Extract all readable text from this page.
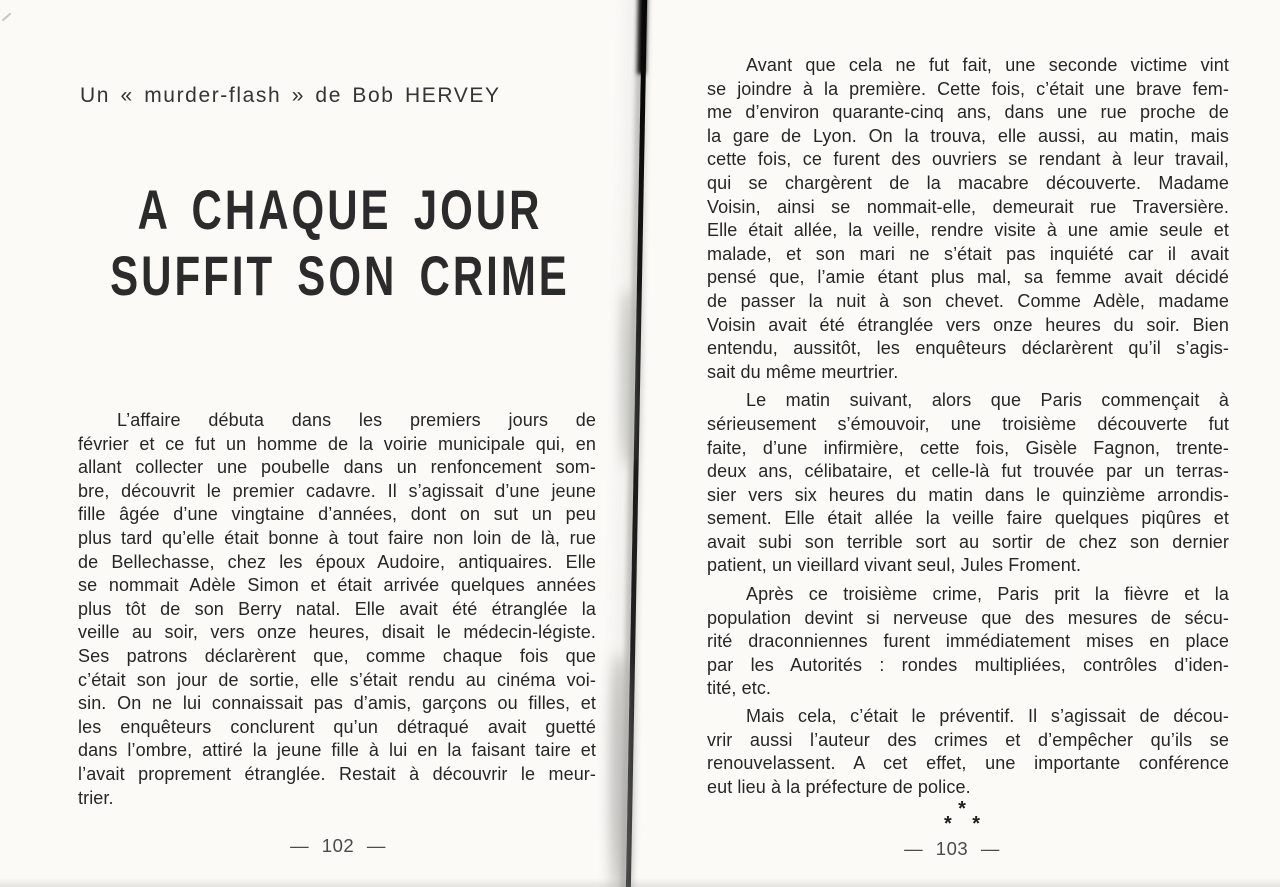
Un « murder-flash » de Bob HERVEY
A CHAQUE JOUR
SUFFIT SON CRIME
L’affaire débuta dans les premiers jours de
février et ce fut un homme de la voirie municipale qui, en
allant collecter une poubelle dans un renfoncement som-
bre, découvrit le premier cadavre. Il s’agissait d’une jeune
fille âgée d’une vingtaine d’années, dont on sut un peu
plus tard qu’elle était bonne à tout faire non loin de là, rue
de Bellechasse, chez les époux Audoire, antiquaires. Elle
se nommait Adèle Simon et était arrivée quelques années
plus tôt de son Berry natal. Elle avait été étranglée la
veille au soir, vers onze heures, disait le médecin-légiste.
Ses patrons déclarèrent que, comme chaque fois que
c’était son jour de sortie, elle s’était rendu au cinéma voi-
sin. On ne lui connaissait pas d’amis, garçons ou filles, et
les enquêteurs conclurent qu’un détraqué avait guetté
dans l’ombre, attiré la jeune fille à lui en la faisant taire et
l’avait proprement étranglée. Restait à découvrir le meur-
trier.
— 102 —
Avant que cela ne fut fait, une seconde victime vint
se joindre à la première. Cette fois, c’était une brave fem-
me d’environ quarante-cinq ans, dans une rue proche de
la gare de Lyon. On la trouva, elle aussi, au matin, mais
cette fois, ce furent des ouvriers se rendant à leur travail,
qui se chargèrent de la macabre découverte. Madame
Voisin, ainsi se nommait-elle, demeurait rue Traversière.
Elle était allée, la veille, rendre visite à une amie seule et
malade, et son mari ne s’était pas inquiété car il avait
pensé que, l’amie étant plus mal, sa femme avait décidé
de passer la nuit à son chevet. Comme Adèle, madame
Voisin avait été étranglée vers onze heures du soir. Bien
entendu, aussitôt, les enquêteurs déclarèrent qu’il s’agis-
sait du même meurtrier.
Le matin suivant, alors que Paris commençait à
sérieusement s’émouvoir, une troisième découverte fut
faite, d’une infirmière, cette fois, Gisèle Fagnon, trente-
deux ans, célibataire, et celle-là fut trouvée par un terras-
sier vers six heures du matin dans le quinzième arrondis-
sement. Elle était allée la veille faire quelques piqûres et
avait subi son terrible sort au sortir de chez son dernier
patient, un vieillard vivant seul, Jules Froment.
Après ce troisième crime, Paris prit la fièvre et la
population devint si nerveuse que des mesures de sécu-
rité draconniennes furent immédiatement mises en place
par les Autorités : rondes multipliées, contrôles d’iden-
tité, etc.
Mais cela, c’était le préventif. Il s’agissait de décou-
vrir aussi l’auteur des crimes et d’empêcher qu’ils se
renouvelassent. A cet effet, une importante conférence
eut lieu à la préfecture de police.
*
* *
— 103 —
